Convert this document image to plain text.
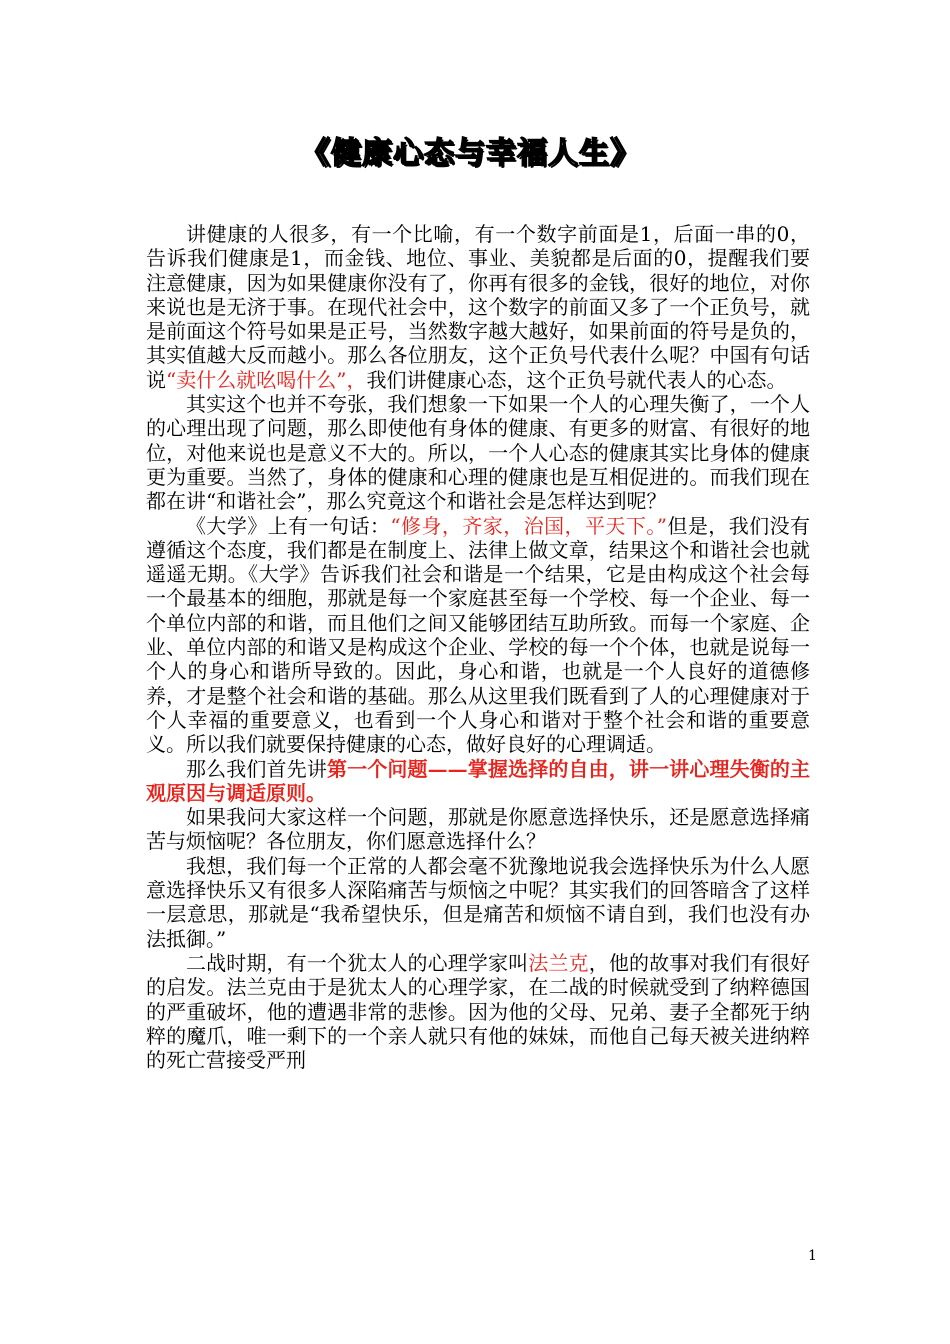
《健康心态与幸福人生》

讲健康的人很多，有一个比喻，有一个数字前面是1，后面一串的0，告诉我们健康是1，而金钱、地位、事业、美貌都是后面的0，提醒我们要注意健康，因为如果健康你没有了，你再有很多的金钱，很好的地位，对你来说也是无济于事。在现代社会中，这个数字的前面又多了一个正负号，就是前面这个符号如果是正号，当然数字越大越好，如果前面的符号是负的，其实值越大反而越小。那么各位朋友，这个正负号代表什么呢？中国有句话说“卖什么就吆喝什么”，我们讲健康心态，这个正负号就代表人的心态。

其实这个也并不夸张，我们想象一下如果一个人的心理失衡了，一个人的心理出现了问题，那么即使他有身体的健康、有更多的财富、有很好的地位，对他来说也是意义不大的。所以，一个人心态的健康其实比身体的健康更为重要。当然了，身体的健康和心理的健康也是互相促进的。而我们现在都在讲“和谐社会”，那么究竟这个和谐社会是怎样达到呢？

《大学》上有一句话：“修身，齐家，治国，平天下。”但是，我们没有遵循这个态度，我们都是在制度上、法律上做文章，结果这个和谐社会也就遥遥无期。《大学》告诉我们社会和谐是一个结果，它是由构成这个社会每一个最基本的细胞，那就是每一个家庭甚至每一个学校、每一个企业、每一个单位内部的和谐，而且他们之间又能够团结互助所致。而每一个家庭、企业、单位内部的和谐又是构成这个企业、学校的每一个个体，也就是说每一个人的身心和谐所导致的。因此，身心和谐，也就是一个人良好的道德修养，才是整个社会和谐的基础。那么从这里我们既看到了人的心理健康对于个人幸福的重要意义，也看到一个人身心和谐对于整个社会和谐的重要意义。所以我们就要保持健康的心态，做好良好的心理调适。

那么我们首先讲第一个问题——掌握选择的自由，讲一讲心理失衡的主观原因与调适原则。

如果我问大家这样一个问题，那就是你愿意选择快乐，还是愿意选择痛苦与烦恼呢？各位朋友，你们愿意选择什么？

我想，我们每一个正常的人都会毫不犹豫地说我会选择快乐为什么人愿意选择快乐又有很多人深陷痛苦与烦恼之中呢？其实我们的回答暗含了这样一层意思，那就是“我希望快乐，但是痛苦和烦恼不请自到，我们也没有办法抵御。”

二战时期，有一个犹太人的心理学家叫法兰克，他的故事对我们有很好的启发。法兰克由于是犹太人的心理学家，在二战的时候就受到了纳粹德国的严重破坏，他的遭遇非常的悲惨。因为他的父母、兄弟、妻子全都死于纳粹的魔爪，唯一剩下的一个亲人就只有他的妹妹，而他自己每天被关进纳粹的死亡营接受严刑

1
